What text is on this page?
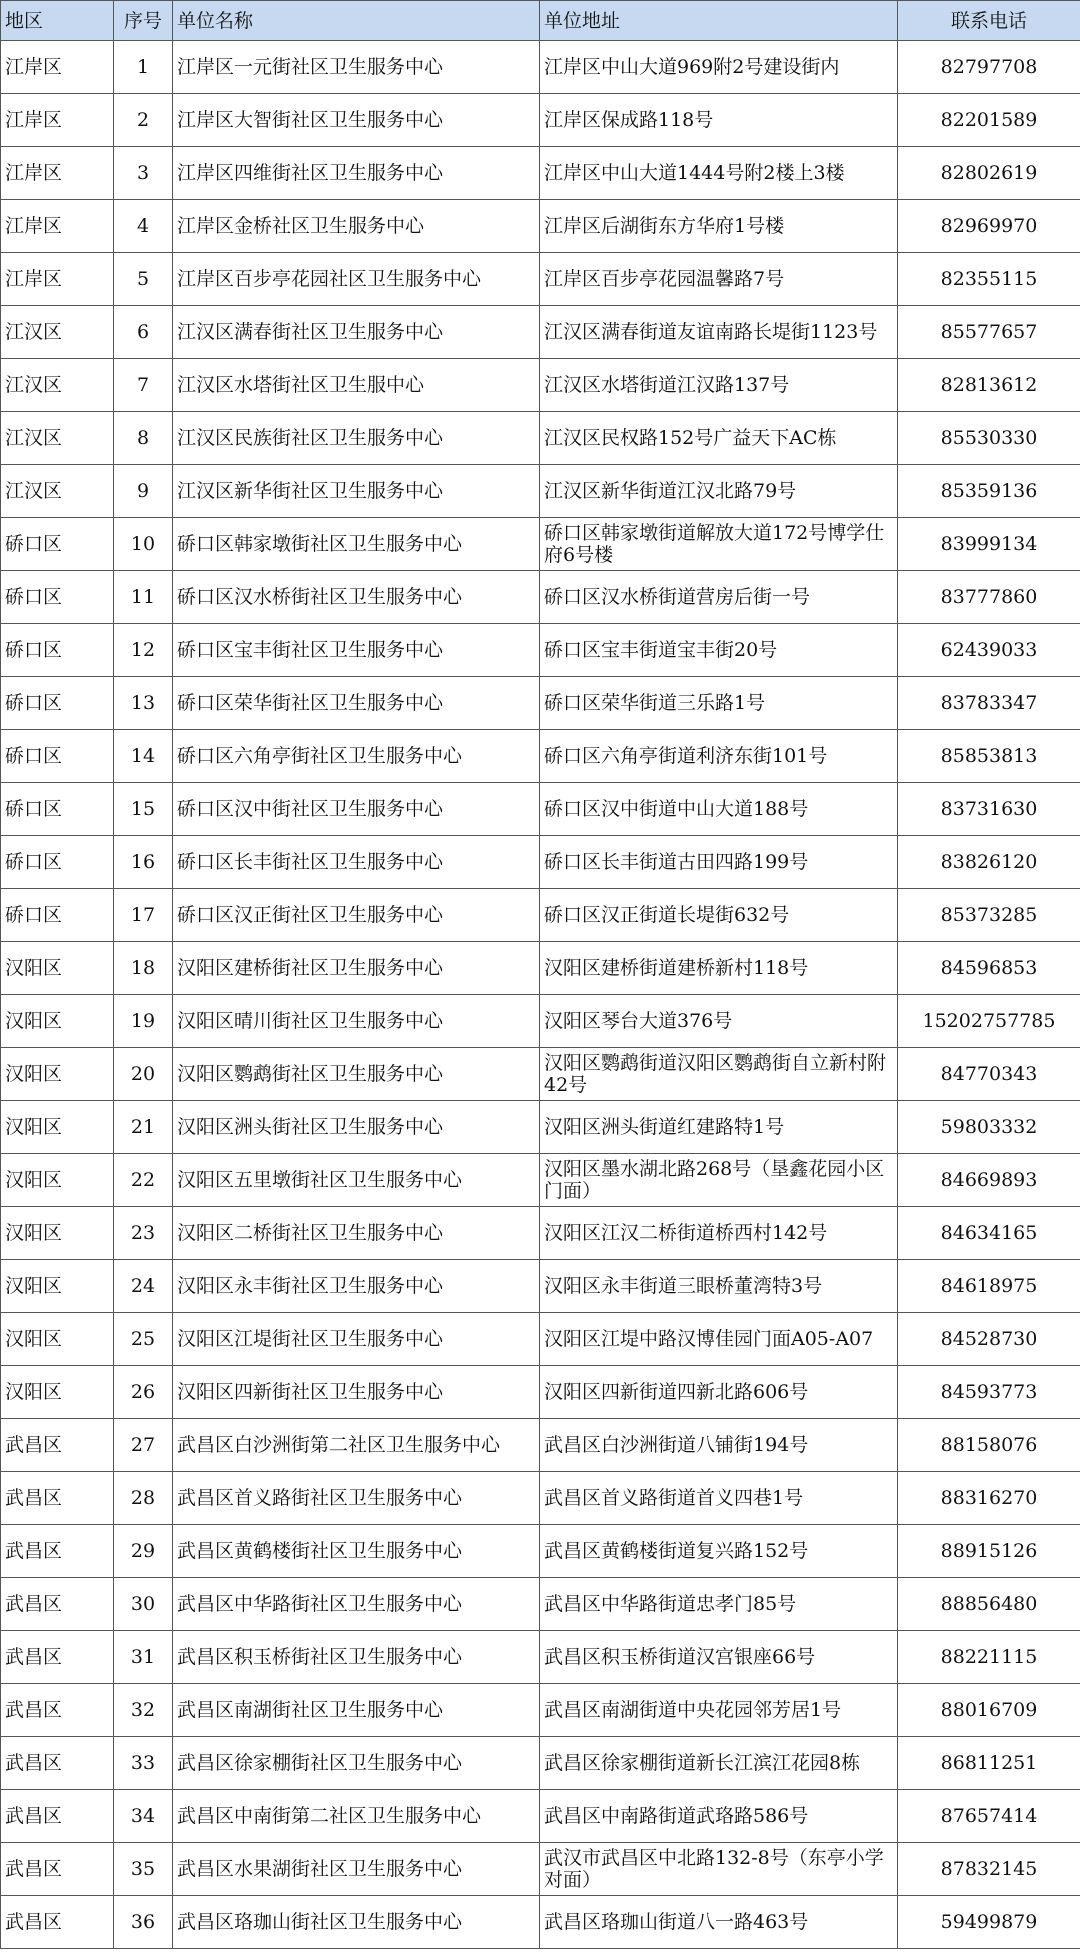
地区	序号	单位名称	单位地址	联系电话
江岸区	1	江岸区一元街社区卫生服务中心	江岸区中山大道969附2号建设街内	82797708
江岸区	2	江岸区大智街社区卫生服务中心	江岸区保成路118号	82201589
江岸区	3	江岸区四维街社区卫生服务中心	江岸区中山大道1444号附2楼上3楼	82802619
江岸区	4	江岸区金桥社区卫生服务中心	江岸区后湖街东方华府1号楼	82969970
江岸区	5	江岸区百步亭花园社区卫生服务中心	江岸区百步亭花园温馨路7号	82355115
江汉区	6	江汉区满春街社区卫生服务中心	江汉区满春街道友谊南路长堤街1123号	85577657
江汉区	7	江汉区水塔街社区卫生服中心	江汉区水塔街道江汉路137号	82813612
江汉区	8	江汉区民族街社区卫生服务中心	江汉区民权路152号广益天下AC栋	85530330
江汉区	9	江汉区新华街社区卫生服务中心	江汉区新华街道江汉北路79号	85359136
硚口区	10	硚口区韩家墩街社区卫生服务中心	硚口区韩家墩街道解放大道172号博学仕府6号楼	83999134
硚口区	11	硚口区汉水桥街社区卫生服务中心	硚口区汉水桥街道营房后街一号	83777860
硚口区	12	硚口区宝丰街社区卫生服务中心	硚口区宝丰街道宝丰街20号	62439033
硚口区	13	硚口区荣华街社区卫生服务中心	硚口区荣华街道三乐路1号	83783347
硚口区	14	硚口区六角亭街社区卫生服务中心	硚口区六角亭街道利济东街101号	85853813
硚口区	15	硚口区汉中街社区卫生服务中心	硚口区汉中街道中山大道188号	83731630
硚口区	16	硚口区长丰街社区卫生服务中心	硚口区长丰街道古田四路199号	83826120
硚口区	17	硚口区汉正街社区卫生服务中心	硚口区汉正街道长堤街632号	85373285
汉阳区	18	汉阳区建桥街社区卫生服务中心	汉阳区建桥街道建桥新村118号	84596853
汉阳区	19	汉阳区晴川街社区卫生服务中心	汉阳区琴台大道376号	15202757785
汉阳区	20	汉阳区鹦鹉街社区卫生服务中心	汉阳区鹦鹉街道汉阳区鹦鹉街自立新村附42号	84770343
汉阳区	21	汉阳区洲头街社区卫生服务中心	汉阳区洲头街道红建路特1号	59803332
汉阳区	22	汉阳区五里墩街社区卫生服务中心	汉阳区墨水湖北路268号（垦鑫花园小区门面）	84669893
汉阳区	23	汉阳区二桥街社区卫生服务中心	汉阳区江汉二桥街道桥西村142号	84634165
汉阳区	24	汉阳区永丰街社区卫生服务中心	汉阳区永丰街道三眼桥董湾特3号	84618975
汉阳区	25	汉阳区江堤街社区卫生服务中心	汉阳区江堤中路汉博佳园门面A05-A07	84528730
汉阳区	26	汉阳区四新街社区卫生服务中心	汉阳区四新街道四新北路606号	84593773
武昌区	27	武昌区白沙洲街第二社区卫生服务中心	武昌区白沙洲街道八铺街194号	88158076
武昌区	28	武昌区首义路街社区卫生服务中心	武昌区首义路街道首义四巷1号	88316270
武昌区	29	武昌区黄鹤楼街社区卫生服务中心	武昌区黄鹤楼街道复兴路152号	88915126
武昌区	30	武昌区中华路街社区卫生服务中心	武昌区中华路街道忠孝门85号	88856480
武昌区	31	武昌区积玉桥街社区卫生服务中心	武昌区积玉桥街道汉宫银座66号	88221115
武昌区	32	武昌区南湖街社区卫生服务中心	武昌区南湖街道中央花园邻芳居1号	88016709
武昌区	33	武昌区徐家棚街社区卫生服务中心	武昌区徐家棚街道新长江滨江花园8栋	86811251
武昌区	34	武昌区中南街第二社区卫生服务中心	武昌区中南路街道武珞路586号	87657414
武昌区	35	武昌区水果湖街社区卫生服务中心	武汉市武昌区中北路132-8号（东亭小学对面）	87832145
武昌区	36	武昌区珞珈山街社区卫生服务中心	武昌区珞珈山街道八一路463号	59499879
